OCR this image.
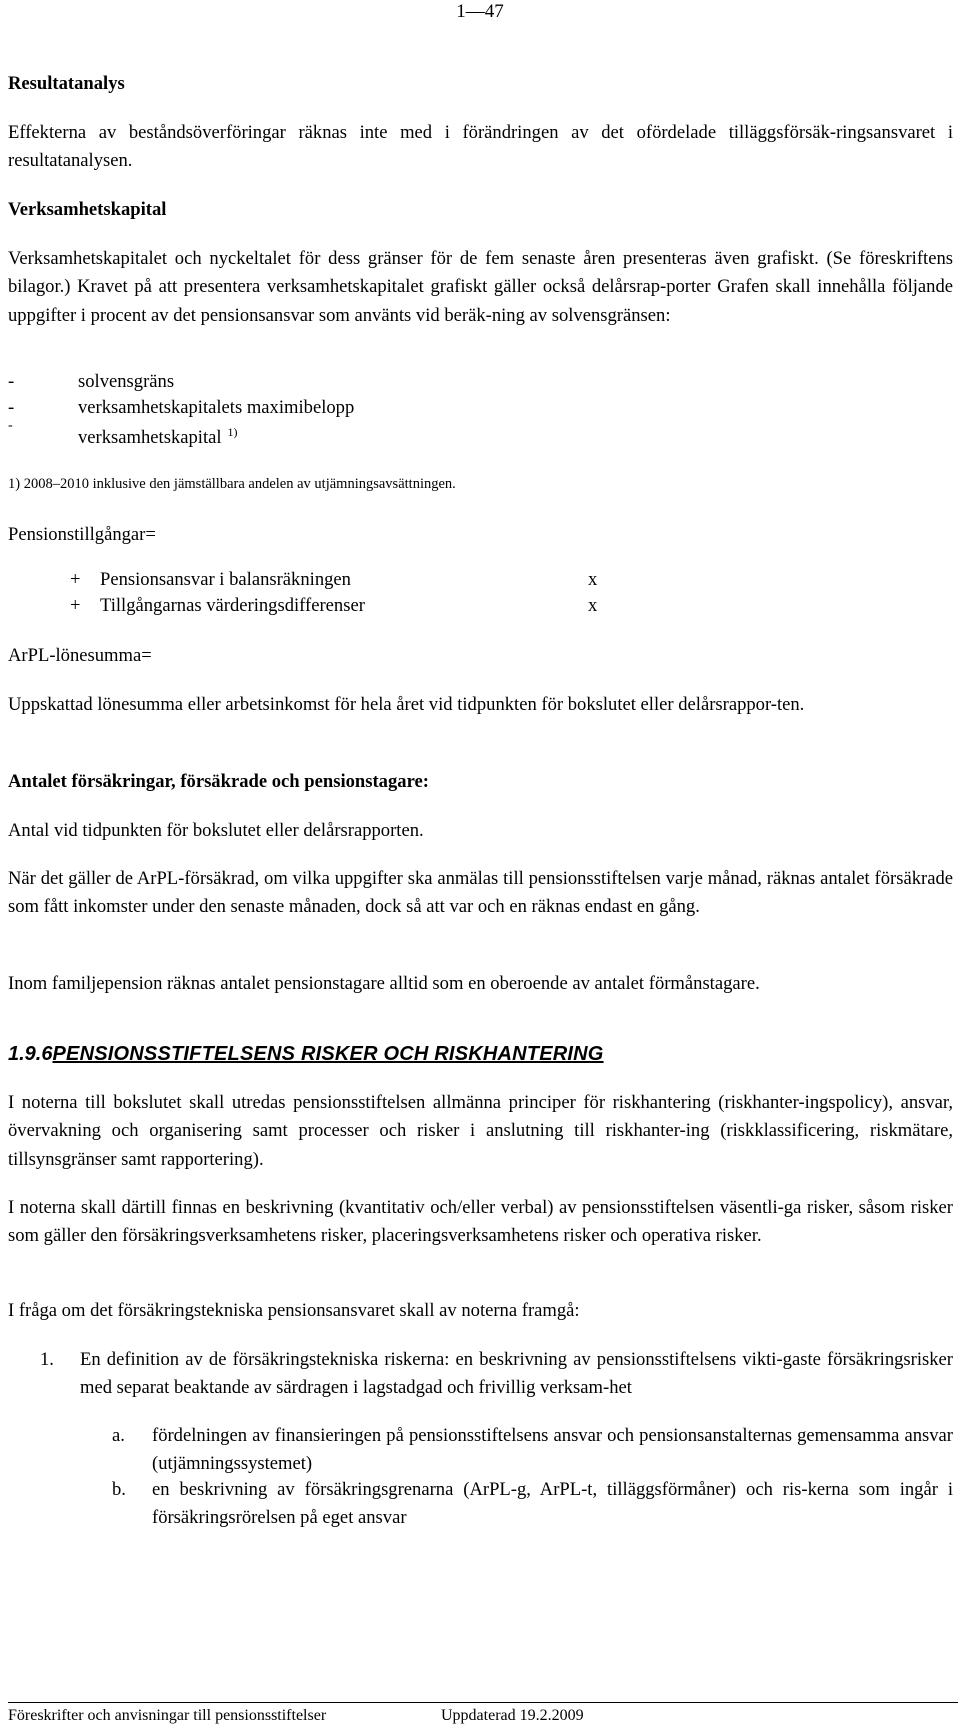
1—47

Resultatanalys

Effekterna av beståndsöverföringar räknas inte med i förändringen av det ofördelade tilläggsförsäk-ringsansvaret i resultatanalysen.

Verksamhetskapital

Verksamhetskapitalet och nyckeltalet för dess gränser för de fem senaste åren presenteras även grafiskt. (Se föreskriftens bilagor.) Kravet på att presentera verksamhetskapitalet grafiskt gäller också delårsrap-porter Grafen skall innehålla följande uppgifter i procent av det pensionsansvar som använts vid beräk-ning av solvensgränsen:

-	solvensgräns
-	verksamhetskapitalets maximibelopp
-
verksamhetskapital $^{1)}$
1) 2008–2010 inklusive den jämställbara andelen av utjämningsavsättningen.

Pensionstillgångar=

+ Pensionsansvar i balansräkningen	x
+ Tillgångarnas värderingsdifferenser	x

ArPL-lönesumma=

Uppskattad lönesumma eller arbetsinkomst för hela året vid tidpunkten för bokslutet eller delårsrappor-ten.

Antalet försäkringar, försäkrade och pensionstagare:

Antal vid tidpunkten för bokslutet eller delårsrapporten.

När det gäller de ArPL-försäkrad, om vilka uppgifter ska anmälas till pensionsstiftelsen varje månad, räknas antalet försäkrade som fått inkomster under den senaste månaden, dock så att var och en räknas endast en gång.

Inom familjepension räknas antalet pensionstagare alltid som en oberoende av antalet förmånstagare.

1.9.6PENSIONSSTIFTELSENS RISKER OCH RISKHANTERING

I noterna till bokslutet skall utredas pensionsstiftelsen allmänna principer för riskhantering (riskhanter-ingspolicy), ansvar, övervakning och organisering samt processer och risker i anslutning till riskhanter-ing (riskklassificering, riskmätare, tillsynsgränser samt rapportering).

I noterna skall därtill finnas en beskrivning (kvantitativ och/eller verbal) av pensionsstiftelsen väsentli-ga risker, såsom risker som gäller den försäkringsverksamhetens risker, placeringsverksamhetens risker och operativa risker.

I fråga om det försäkringstekniska pensionsansvaret skall av noterna framgå:

1. En definition av de försäkringstekniska riskerna: en beskrivning av pensionsstiftelsens vikti-gaste försäkringsrisker med separat beaktande av särdragen i lagstadgad och frivillig verksam-het
a. fördelningen av finansieringen på pensionsstiftelsens ansvar och pensionsanstalternas gemensamma ansvar (utjämningssystemet)
b. en beskrivning av försäkringsgrenarna (ArPL-g, ArPL-t, tilläggsförmåner) och ris-kerna som ingår i försäkringsrörelsen på eget ansvar
Föreskrifter och anvisningar till pensionsstiftelser	Uppdaterad 19.2.2009
